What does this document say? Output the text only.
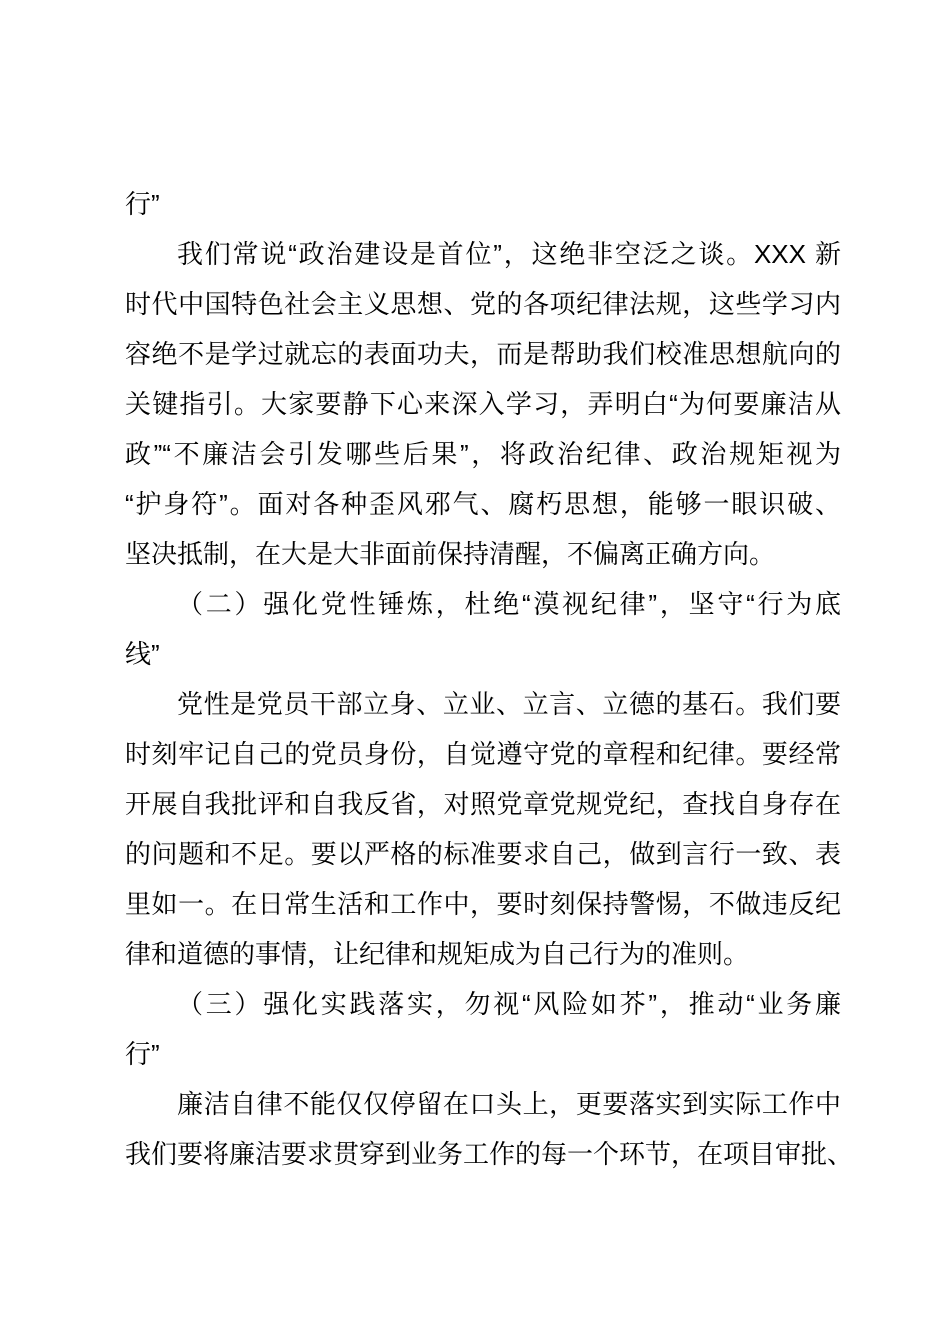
行”
我们常说“政治建设是首位”，这绝非空泛之谈。XXX 新
时代中国特色社会主义思想、党的各项纪律法规，这些学习内
容绝不是学过就忘的表面功夫，而是帮助我们校准思想航向的
关键指引。大家要静下心来深入学习，弄明白“为何要廉洁从
政”“不廉洁会引发哪些后果”，将政治纪律、政治规矩视为
“护身符”。面对各种歪风邪气、腐朽思想，能够一眼识破、
坚决抵制，在大是大非面前保持清醒，不偏离正确方向。
（二）强化党性锤炼，杜绝“漠视纪律”，坚守“行为底
线”
党性是党员干部立身、立业、立言、立德的基石。我们要
时刻牢记自己的党员身份，自觉遵守党的章程和纪律。要经常
开展自我批评和自我反省，对照党章党规党纪，查找自身存在
的问题和不足。要以严格的标准要求自己，做到言行一致、表
里如一。在日常生活和工作中，要时刻保持警惕，不做违反纪
律和道德的事情，让纪律和规矩成为自己行为的准则。
（三）强化实践落实，勿视“风险如芥”，推动“业务廉
行”
廉洁自律不能仅仅停留在口头上，更要落实到实际工作中
我们要将廉洁要求贯穿到业务工作的每一个环节，在项目审批、
